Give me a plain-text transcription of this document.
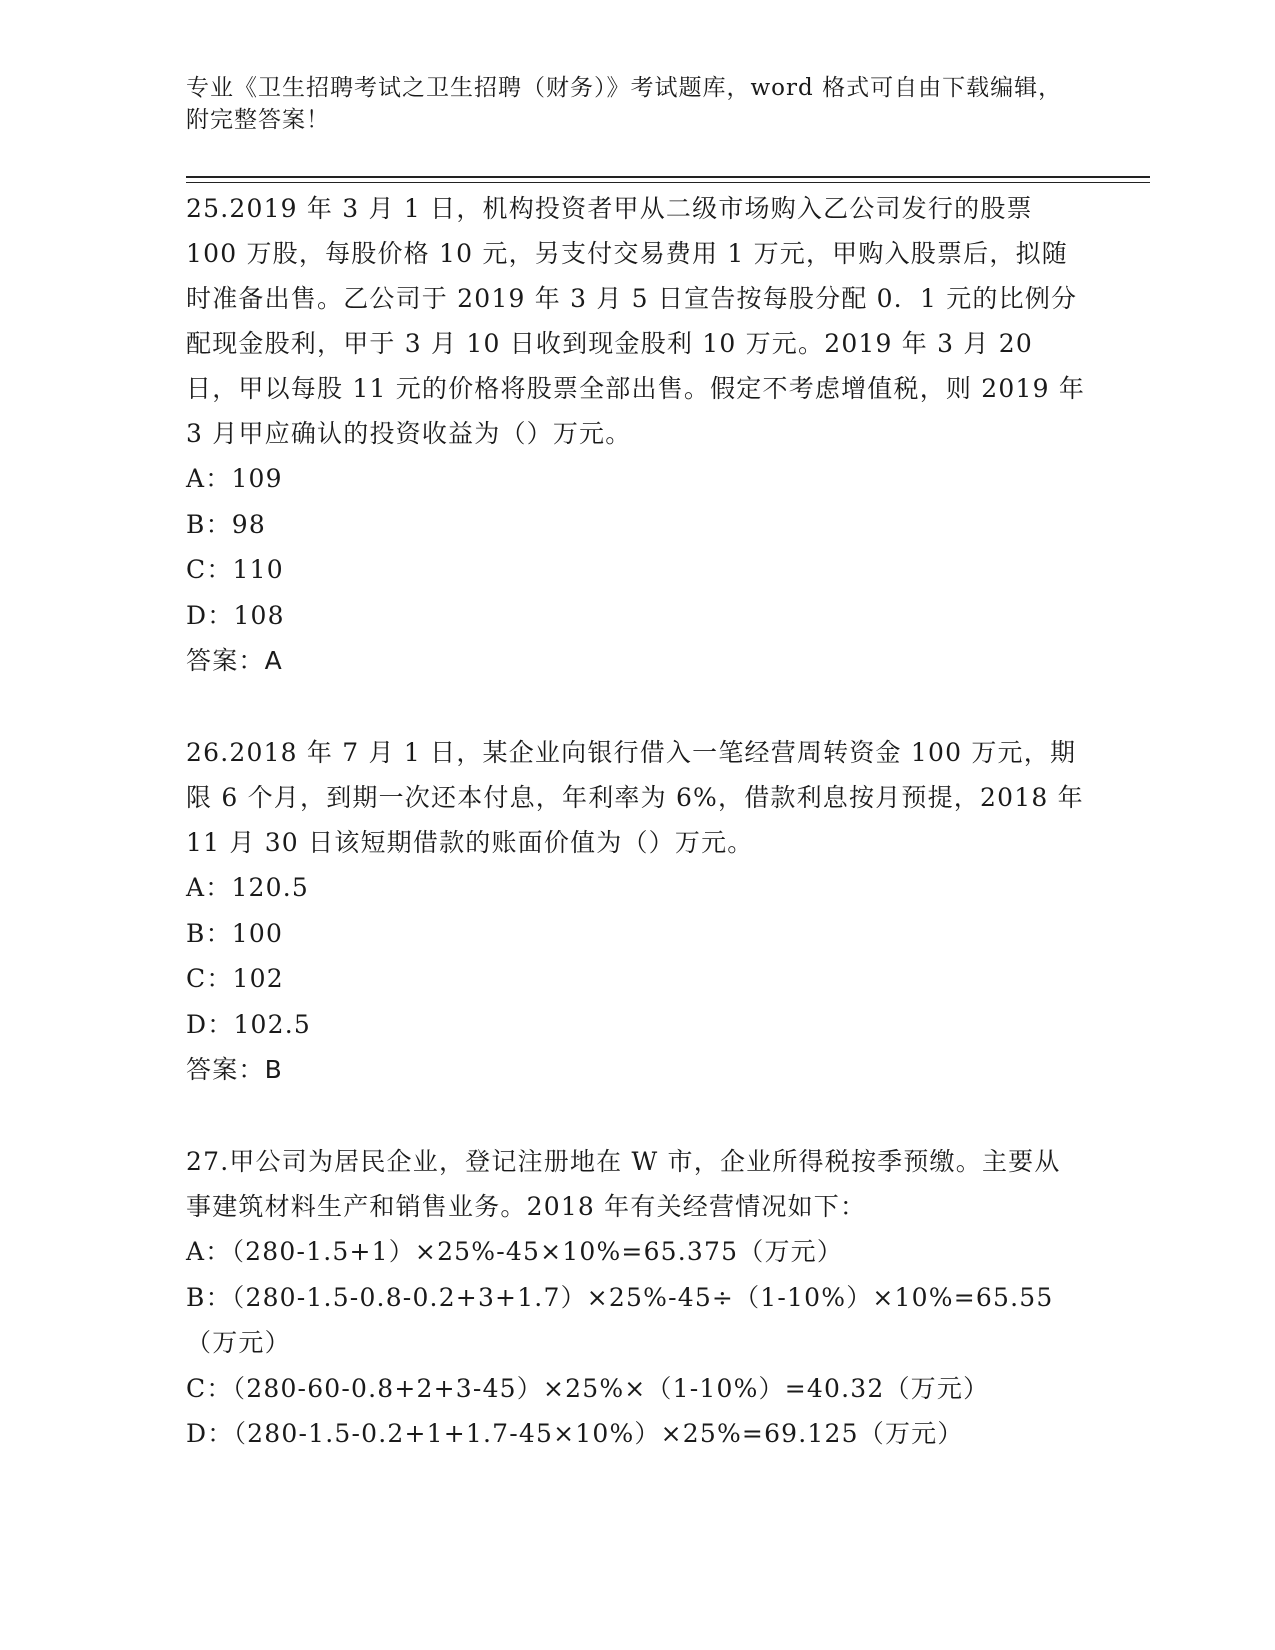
专业《卫生招聘考试之卫生招聘（财务）》考试题库，word 格式可自由下载编辑，附完整答案！
25.2019 年 3 月 1 日，机构投资者甲从二级市场购入乙公司发行的股票 100 万股，每股价格 10 元，另支付交易费用 1 万元，甲购入股票后，拟随时准备出售。乙公司于 2019 年 3 月 5 日宣告按每股分配 0．1 元的比例分配现金股利，甲于 3 月 10 日收到现金股利 10 万元。2019 年 3 月 20 日，甲以每股 11 元的价格将股票全部出售。假定不考虑增值税，则 2019 年 3 月甲应确认的投资收益为（）万元。
A：109
B：98
C：110
D：108
答案：A
26.2018 年 7 月 1 日，某企业向银行借入一笔经营周转资金 100 万元，期限 6 个月，到期一次还本付息，年利率为 6%，借款利息按月预提，2018 年 11 月 30 日该短期借款的账面价值为（）万元。
A：120.5
B：100
C：102
D：102.5
答案：B
27.甲公司为居民企业，登记注册地在 W 市，企业所得税按季预缴。主要从事建筑材料生产和销售业务。2018 年有关经营情况如下：
A：（280-1.5+1）×25%-45×10%=65.375（万元）
B：（280-1.5-0.8-0.2+3+1.7）×25%-45÷（1-10%）×10%=65.55（万元）
C：（280-60-0.8+2+3-45）×25%×（1-10%）=40.32（万元）
D：（280-1.5-0.2+1+1.7-45×10%）×25%=69.125（万元）
